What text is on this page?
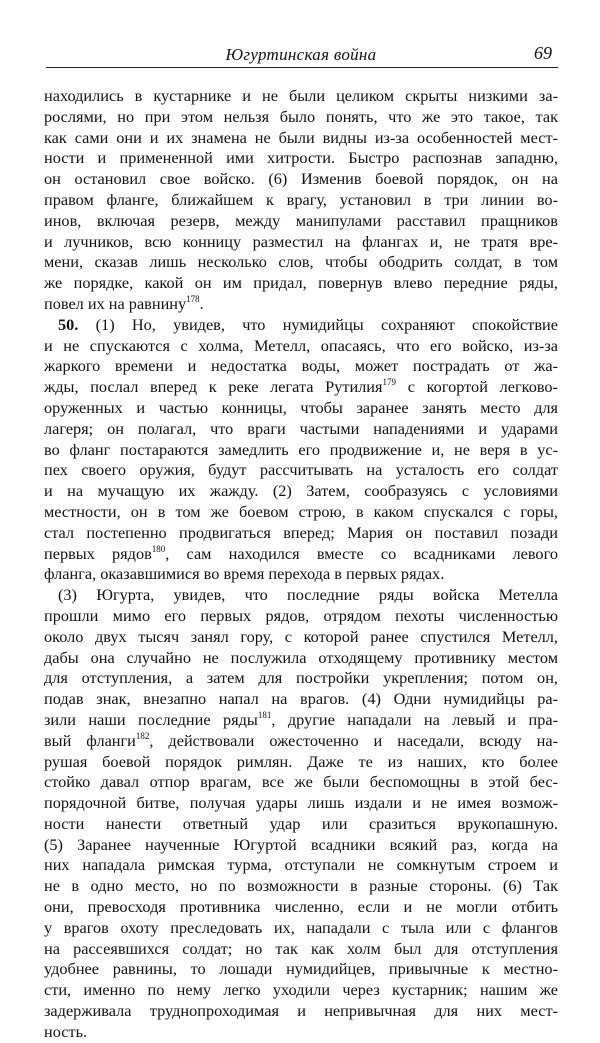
Югуртинская война	69
находились в кустарнике и не были целиком скрыты низкими за-
рослями, но при этом нельзя было понять, что же это такое, так
как сами они и их знамена не были видны из-за особенностей мест-
ности и примененной ими хитрости. Быстро распознав западню,
он остановил свое войско. (6) Изменив боевой порядок, он на
правом фланге, ближайшем к врагу, установил в три линии во-
инов, включая резерв, между манипулами расставил пращников
и лучников, всю конницу разместил на флангах и, не тратя вре-
мени, сказав лишь несколько слов, чтобы ободрить солдат, в том
же порядке, какой он им придал, повернув влево передние ряды,
повел их на равнину$^{178}$.
50. (1) Но, увидев, что нумидийцы сохраняют спокойствие
и не спускаются с холма, Метелл, опасаясь, что его войско, из-за
жаркого времени и недостатка воды, может пострадать от жа-
жды, послал вперед к реке легата Рутилия$^{179}$ с когортой легково-
оруженных и частью конницы, чтобы заранее занять место для
лагеря; он полагал, что враги частыми нападениями и ударами
во фланг постараются замедлить его продвижение и, не веря в ус-
пех своего оружия, будут рассчитывать на усталость его солдат
и на мучащую их жажду. (2) Затем, сообразуясь с условиями
местности, он в том же боевом строю, в каком спускался с горы,
стал постепенно продвигаться вперед; Мария он поставил позади
первых рядов$^{180}$, сам находился вместе со всадниками левого
фланга, оказавшимися во время перехода в первых рядах.
(3) Югурта, увидев, что последние ряды войска Метелла
прошли мимо его первых рядов, отрядом пехоты численностью
около двух тысяч занял гору, с которой ранее спустился Метелл,
дабы она случайно не послужила отходящему противнику местом
для отступления, а затем для постройки укрепления; потом он,
подав знак, внезапно напал на врагов. (4) Одни нумидийцы ра-
зили наши последние ряды$^{181}$, другие нападали на левый и пра-
вый фланги$^{182}$, действовали ожесточенно и наседали, всюду на-
рушая боевой порядок римлян. Даже те из наших, кто более
стойко давал отпор врагам, все же были беспомощны в этой бес-
порядочной битве, получая удары лишь издали и не имея возмож-
ности нанести ответный удар или сразиться врукопашную.
(5) Заранее наученные Югуртой всадники всякий раз, когда на
них нападала римская турма, отступали не сомкнутым строем и
не в одно место, но по возможности в разные стороны. (6) Так
они, превосходя противника численно, если и не могли отбить
у врагов охоту преследовать их, нападали с тыла или с флангов
на рассеявшихся солдат; но так как холм был для отступления
удобнее равнины, то лошади нумидийцев, привычные к местно-
сти, именно по нему легко уходили через кустарник; нашим же
задерживала труднопроходимая и непривычная для них мест-
ность.
